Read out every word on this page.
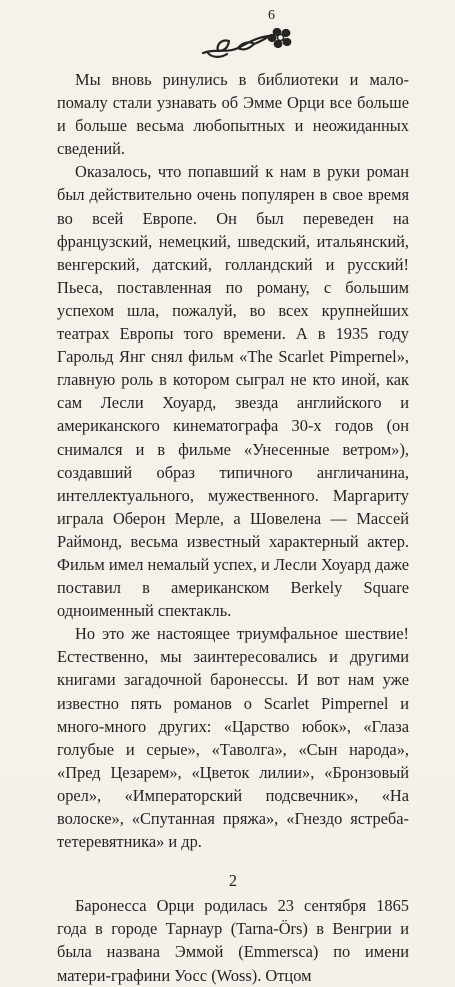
6

Мы вновь ринулись в библиотеки и мало-помалу стали узнавать об Эмме Орци все больше и больше весьма любопытных и неожиданных сведений.

Оказалось, что попавший к нам в руки роман был действительно очень популярен в свое время во всей Европе. Он был переведен на французский, немецкий, шведский, итальянский, венгерский, датский, голландский и русский! Пьеса, поставленная по роману, с большим успехом шла, пожалуй, во всех крупнейших театрах Европы того времени. А в 1935 году Гарольд Янг снял фильм «The Scarlet Pimpernel», главную роль в котором сыграл не кто иной, как сам Лесли Хоуард, звезда английского и американского кинематографа 30-х годов (он снимался и в фильме «Унесенные ветром»), создавший образ типичного англичанина, интеллектуального, мужественного. Маргариту играла Оберон Мерле, а Шовелена — Массей Раймонд, весьма известный характерный актер. Фильм имел немалый успех, и Лесли Хоуард даже поставил в американском Berkely Square одноименный спектакль.

Но это же настоящее триумфальное шествие! Естественно, мы заинтересовались и другими книгами загадочной баронессы. И вот нам уже известно пять романов о Scarlet Pimpernel и много-много других: «Царство юбок», «Глаза голубые и серые», «Таволга», «Сын народа», «Пред Цезарем», «Цветок лилии», «Бронзовый орел», «Императорский подсвечник», «На волоске», «Спутанная пряжа», «Гнездо ястреба-тетеревятника» и др.

2

Баронесса Орци родилась 23 сентября 1865 года в городе Тарнаур (Tarna-Örs) в Венгрии и была названа Эммой (Emmersca) по имени матери-графини Уосс (Woss). Отцом
